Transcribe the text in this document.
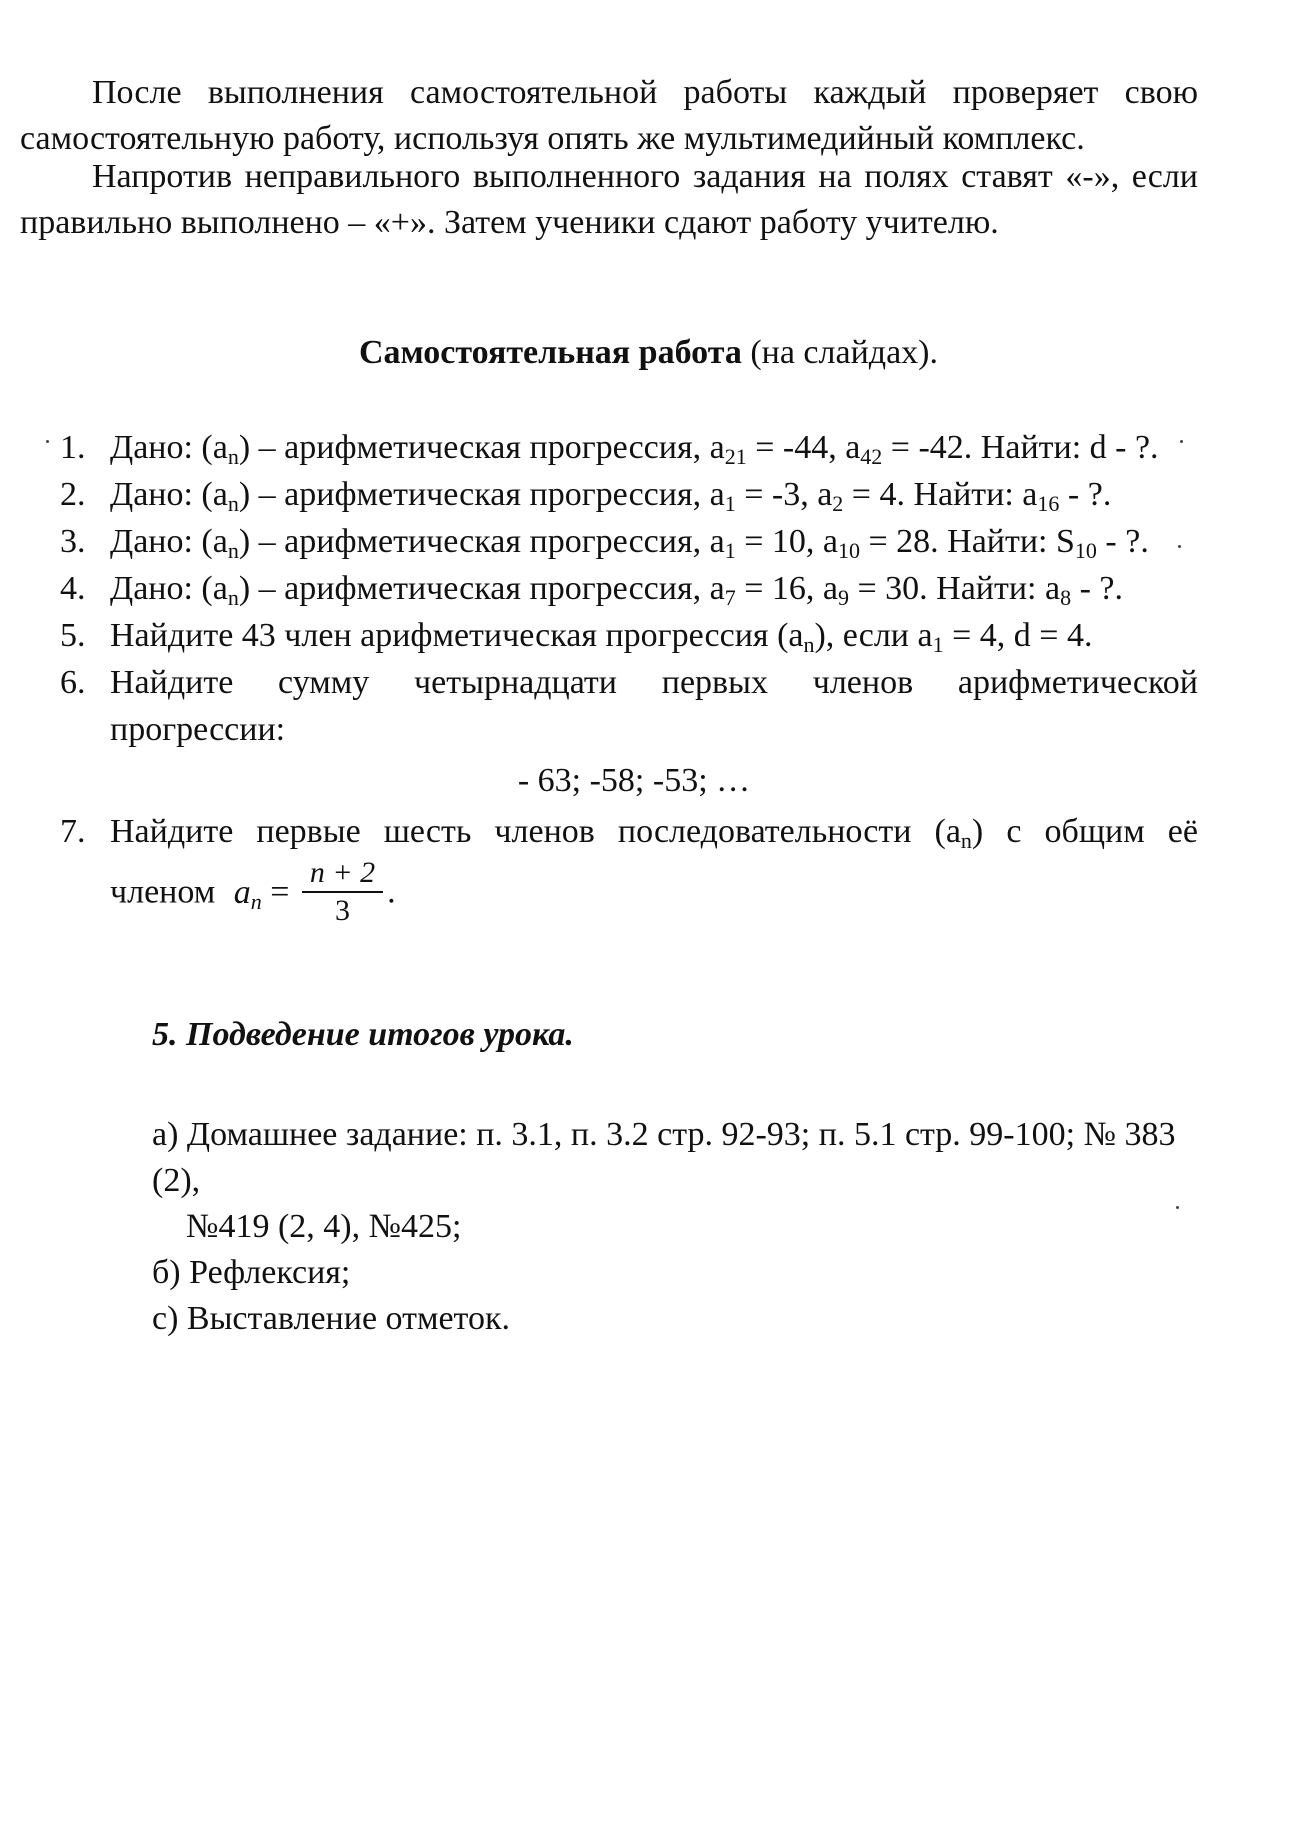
После выполнения самостоятельной работы каждый проверяет свою самостоятельную работу, используя опять же мультимедийный комплекс.
Напротив неправильного выполненного задания на полях ставят «-», если правильно выполнено – «+». Затем ученики сдают работу учителю.
Самостоятельная работа (на слайдах).
1. Дано: $(a_n)$ – арифметическая прогрессия, $a_{21} = -44$, $a_{42} = -42$. Найти: d - ?.
2. Дано: $(a_n)$ – арифметическая прогрессия, $a_1 = -3$, $a_2 = 4$. Найти: $a_{16}$ - ?.
3. Дано: $(a_n)$ – арифметическая прогрессия, $a_1 = 10$, $a_{10} = 28$. Найти: $S_{10}$ - ?.
4. Дано: $(a_n)$ – арифметическая прогрессия, $a_7 = 16$, $a_9 = 30$. Найти: $a_8$ - ?.
5. Найдите 43 член арифметическая прогрессия $(a_n)$, если $a_1 = 4$, d = 4.
6. Найдите сумму четырнадцати первых членов арифметической прогрессии:
- 63; -58; -53; …
7. Найдите первые шесть членов последовательности $(a_n)$ с общим её
членом $a_n = \frac{n + 2}{3}$ .
5. Подведение итогов урока.
а) Домашнее задание: п. 3.1, п. 3.2 стр. 92-93; п. 5.1 стр. 99-100; № 383
(2),
№419 (2, 4), №425;
б) Рефлексия;
с) Выставление отметок.
